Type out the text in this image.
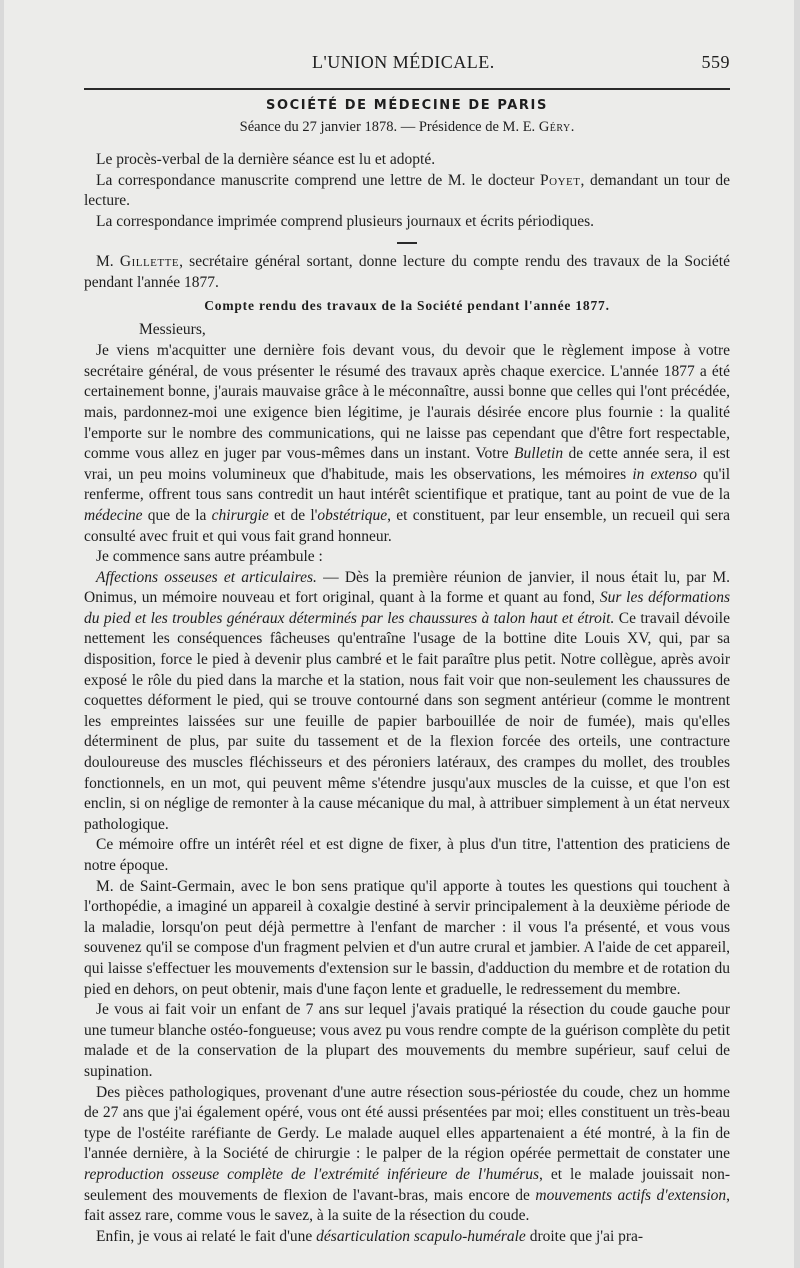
L'UNION MÉDICALE.	559
SOCIÉTÉ DE MÉDECINE DE PARIS
Séance du 27 janvier 1878. — Présidence de M. E. Géry.

Le procès-verbal de la dernière séance est lu et adopté.

La correspondance manuscrite comprend une lettre de M. le docteur Poyet, demandant un tour de lecture.

La correspondance imprimée comprend plusieurs journaux et écrits périodiques.

M. Gillette, secrétaire général sortant, donne lecture du compte rendu des travaux de la Société pendant l'année 1877.

Compte rendu des travaux de la Société pendant l'année 1877.

Messieurs,

Je viens m'acquitter une dernière fois devant vous, du devoir que le règlement impose à votre secrétaire général, de vous présenter le résumé des travaux après chaque exercice. L'année 1877 a été certainement bonne, j'aurais mauvaise grâce à le méconnaître, aussi bonne que celles qui l'ont précédée, mais, pardonnez-moi une exigence bien légitime, je l'aurais désirée encore plus fournie : la qualité l'emporte sur le nombre des communications, qui ne laisse pas cependant que d'être fort respectable, comme vous allez en juger par vous-mêmes dans un instant. Votre Bulletin de cette année sera, il est vrai, un peu moins volumineux que d'habitude, mais les observations, les mémoires in extenso qu'il renferme, offrent tous sans contredit un haut intérêt scientifique et pratique, tant au point de vue de la médecine que de la chirurgie et de l'obstétrique, et constituent, par leur ensemble, un recueil qui sera consulté avec fruit et qui vous fait grand honneur.

Je commence sans autre préambule :

Affections osseuses et articulaires. — Dès la première réunion de janvier, il nous était lu, par M. Onimus, un mémoire nouveau et fort original, quant à la forme et quant au fond, Sur les déformations du pied et les troubles généraux déterminés par les chaussures à talon haut et étroit. Ce travail dévoile nettement les conséquences fâcheuses qu'entraîne l'usage de la bottine dite Louis XV, qui, par sa disposition, force le pied à devenir plus cambré et le fait paraître plus petit. Notre collègue, après avoir exposé le rôle du pied dans la marche et la station, nous fait voir que non-seulement les chaussures de coquettes déforment le pied, qui se trouve contourné dans son segment antérieur (comme le montrent les empreintes laissées sur une feuille de papier barbouillée de noir de fumée), mais qu'elles déterminent de plus, par suite du tassement et de la flexion forcée des orteils, une contracture douloureuse des muscles fléchisseurs et des péroniers latéraux, des crampes du mollet, des troubles fonctionnels, en un mot, qui peuvent même s'étendre jusqu'aux muscles de la cuisse, et que l'on est enclin, si on néglige de remonter à la cause mécanique du mal, à attribuer simplement à un état nerveux pathologique.

Ce mémoire offre un intérêt réel et est digne de fixer, à plus d'un titre, l'attention des praticiens de notre époque.

M. de Saint-Germain, avec le bon sens pratique qu'il apporte à toutes les questions qui touchent à l'orthopédie, a imaginé un appareil à coxalgie destiné à servir principalement à la deuxième période de la maladie, lorsqu'on peut déjà permettre à l'enfant de marcher : il vous l'a présenté, et vous vous souvenez qu'il se compose d'un fragment pelvien et d'un autre crural et jambier. A l'aide de cet appareil, qui laisse s'effectuer les mouvements d'extension sur le bassin, d'adduction du membre et de rotation du pied en dehors, on peut obtenir, mais d'une façon lente et graduelle, le redressement du membre.

Je vous ai fait voir un enfant de 7 ans sur lequel j'avais pratiqué la résection du coude gauche pour une tumeur blanche ostéo-fongueuse; vous avez pu vous rendre compte de la guérison complète du petit malade et de la conservation de la plupart des mouvements du membre supérieur, sauf celui de supination.

Des pièces pathologiques, provenant d'une autre résection sous-périostée du coude, chez un homme de 27 ans que j'ai également opéré, vous ont été aussi présentées par moi; elles constituent un très-beau type de l'ostéite raréfiante de Gerdy. Le malade auquel elles appartenaient a été montré, à la fin de l'année dernière, à la Société de chirurgie : le palper de la région opérée permettait de constater une reproduction osseuse complète de l'extrémité inférieure de l'humérus, et le malade jouissait non-seulement des mouvements de flexion de l'avant-bras, mais encore de mouvements actifs d'extension, fait assez rare, comme vous le savez, à la suite de la résection du coude.

Enfin, je vous ai relaté le fait d'une désarticulation scapulo-humérale droite que j'ai pra-
